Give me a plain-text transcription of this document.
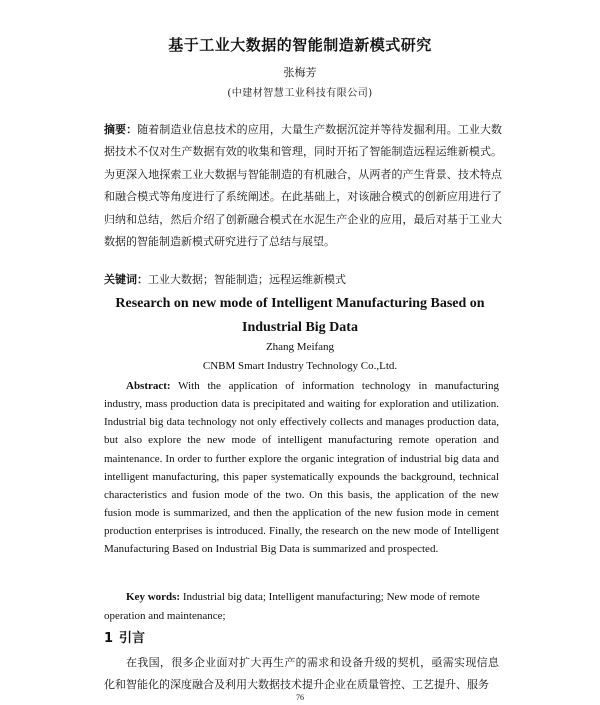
基于工业大数据的智能制造新模式研究
张梅芳
(中建材智慧工业科技有限公司)

摘要：随着制造业信息技术的应用，大量生产数据沉淀并等待发掘利用。工业大数据技术不仅对生产数据有效的收集和管理，同时开拓了智能制造远程运维新模式。为更深入地探索工业大数据与智能制造的有机融合，从两者的产生背景、技术特点和融合模式等角度进行了系统阐述。在此基础上，对该融合模式的创新应用进行了归纳和总结，然后介绍了创新融合模式在水泥生产企业的应用，最后对基于工业大数据的智能制造新模式研究进行了总结与展望。

关键词：工业大数据；智能制造；远程运维新模式
Research on new mode of Intelligent Manufacturing Based on Industrial Big Data
Zhang Meifang
CNBM Smart Industry Technology Co.,Ltd.

Abstract: With the application of information technology in manufacturing industry, mass production data is precipitated and waiting for exploration and utilization. Industrial big data technology not only effectively collects and manages production data, but also explore the new mode of intelligent manufacturing remote operation and maintenance. In order to further explore the organic integration of industrial big data and intelligent manufacturing, this paper systematically expounds the background, technical characteristics and fusion mode of the two. On this basis, the application of the new fusion mode is summarized, and then the application of the new fusion mode in cement production enterprises is introduced. Finally, the research on the new mode of Intelligent Manufacturing Based on Industrial Big Data is summarized and prospected.

Key words: Industrial big data; Intelligent manufacturing; New mode of remote operation and maintenance;

1 引言

在我国，很多企业面对扩大再生产的需求和设备升级的契机，亟需实现信息化和智能化的深度融合及利用大数据技术提升企业在质量管控、工艺提升、服务

76
